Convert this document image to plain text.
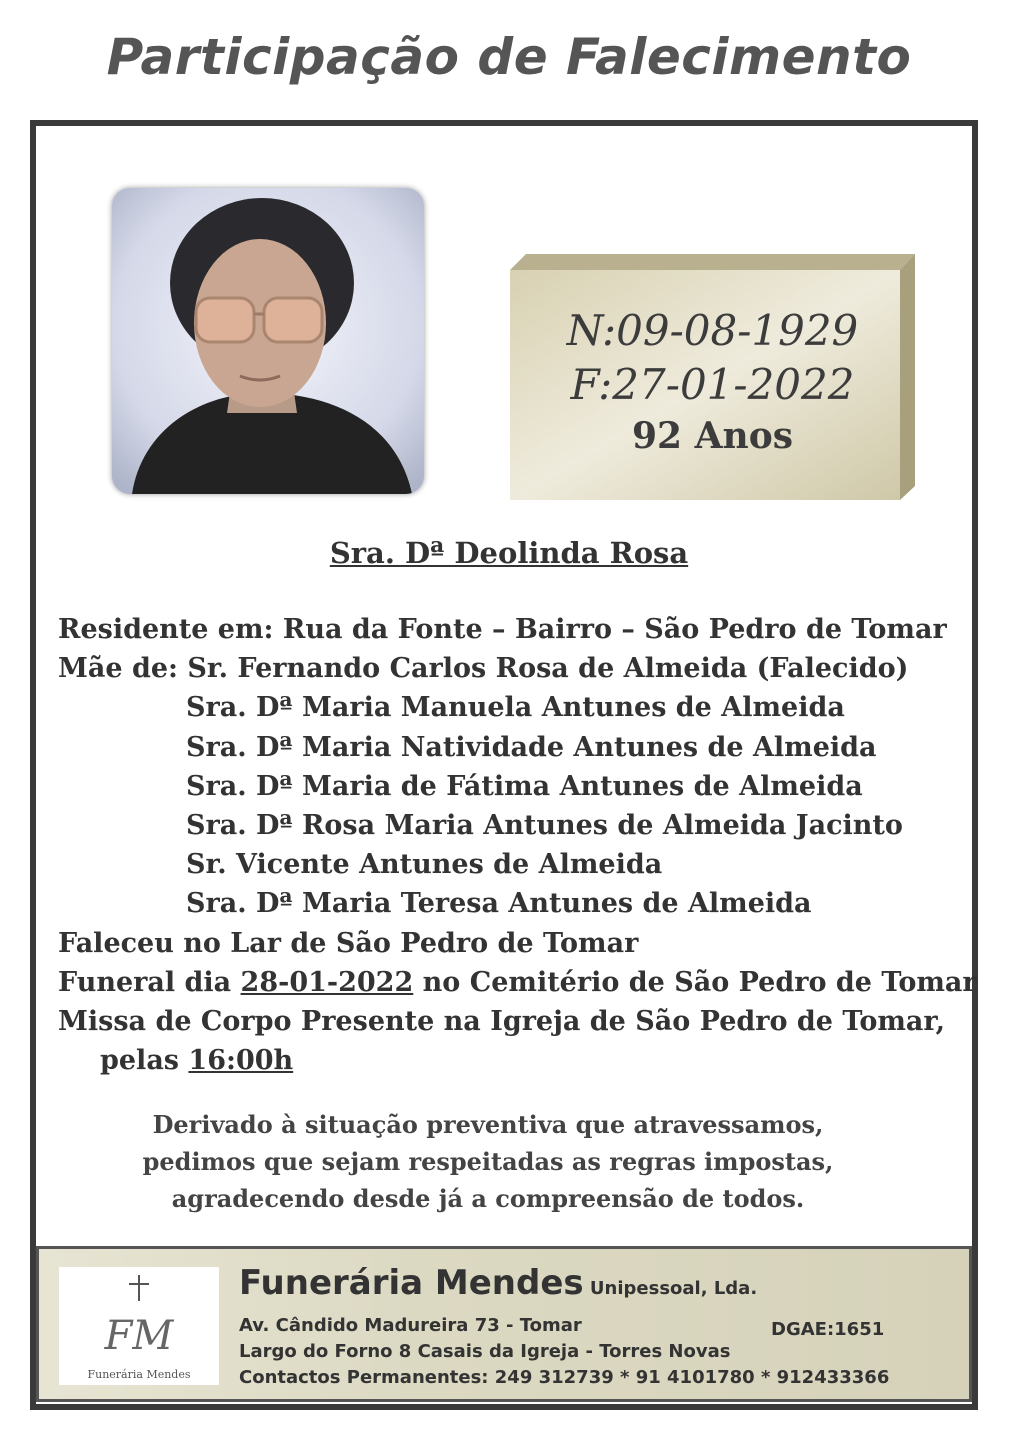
Participação de Falecimento
N:09-08-1929
F:27-01-2022
92 Anos
Sra. Dª Deolinda Rosa
Residente em: Rua da Fonte – Bairro – São Pedro de Tomar
Mãe de: Sr. Fernando Carlos Rosa de Almeida (Falecido)
Sra. Dª Maria Manuela Antunes de Almeida
Sra. Dª Maria Natividade Antunes de Almeida
Sra. Dª Maria de Fátima Antunes de Almeida
Sra. Dª Rosa Maria Antunes de Almeida Jacinto
Sr. Vicente Antunes de Almeida
Sra. Dª Maria Teresa Antunes de Almeida
Faleceu no Lar de São Pedro de Tomar
Funeral dia 28-01-2022 no Cemitério de São Pedro de Tomar
Missa de Corpo Presente na Igreja de São Pedro de Tomar,
pelas 16:00h
Derivado à situação preventiva que atravessamos,
pedimos que sejam respeitadas as regras impostas,
agradecendo desde já a compreensão de todos.
FM
Funerária Mendes
Funerária Mendes Unipessoal, Lda.
Av. Cândido Madureira 73 - Tomar	DGAE:1651
Largo do Forno 8 Casais da Igreja - Torres Novas
Contactos Permanentes: 249 312739 * 91 4101780 * 912433366
